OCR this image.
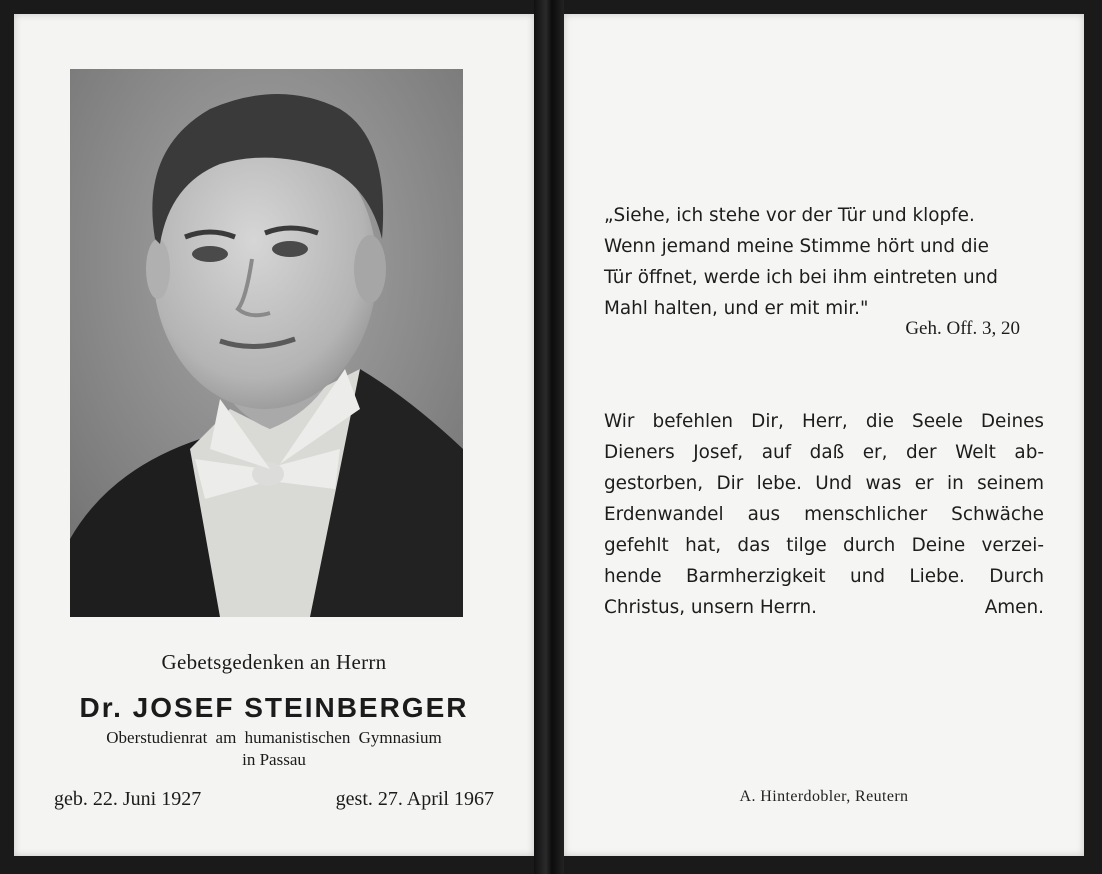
Gebetsgedenken an Herrn
Dr. JOSEF STEINBERGER
Oberstudienrat am humanistischen Gymnasium
in Passau
geb. 22. Juni 1927	gest. 27. April 1967
„Siehe, ich stehe vor der Tür und klopfe.
Wenn jemand meine Stimme hört und die
Tür öffnet, werde ich bei ihm eintreten und
Mahl halten, und er mit mir."
Geh. Off. 3, 20
Wir befehlen Dir, Herr, die Seele Deines
Dieners Josef, auf daß er, der Welt ab-
gestorben, Dir lebe. Und was er in seinem
Erdenwandel aus menschlicher Schwäche
gefehlt hat, das tilge durch Deine verzei-
hende Barmherzigkeit und Liebe. Durch
Christus, unsern Herrn.	Amen.
A. Hinterdobler, Reutern
